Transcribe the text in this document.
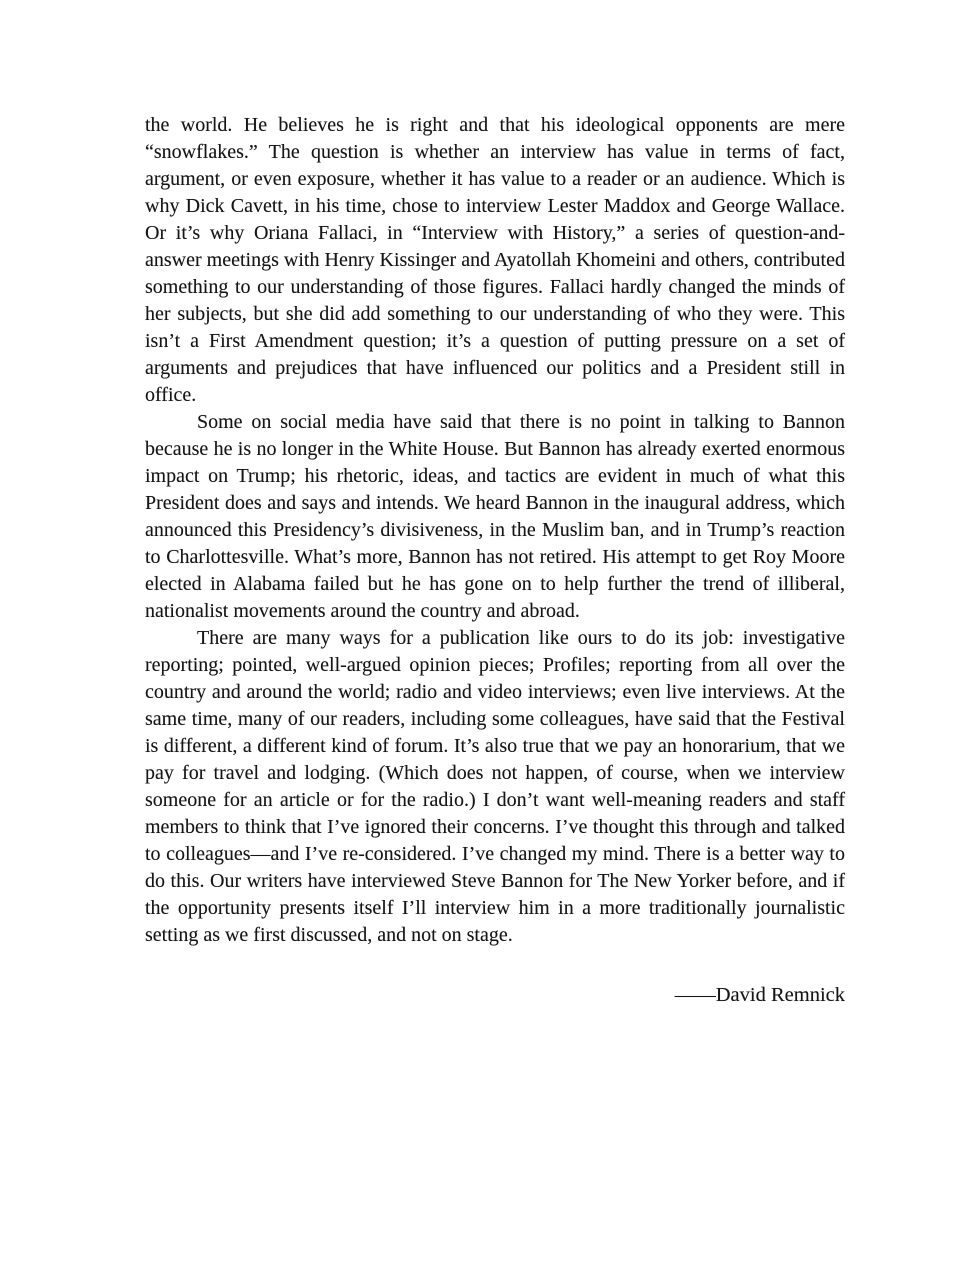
the world. He believes he is right and that his ideological opponents are mere “snowflakes.” The question is whether an interview has value in terms of fact, argument, or even exposure, whether it has value to a reader or an audience. Which is why Dick Cavett, in his time, chose to interview Lester Maddox and George Wallace. Or it’s why Oriana Fallaci, in “Interview with History,” a series of question-and-answer meetings with Henry Kissinger and Ayatollah Khomeini and others, contributed something to our understanding of those figures. Fallaci hardly changed the minds of her subjects, but she did add something to our understanding of who they were. This isn’t a First Amendment question; it’s a question of putting pressure on a set of arguments and prejudices that have influenced our politics and a President still in office.

Some on social media have said that there is no point in talking to Bannon because he is no longer in the White House. But Bannon has already exerted enormous impact on Trump; his rhetoric, ideas, and tactics are evident in much of what this President does and says and intends. We heard Bannon in the inaugural address, which announced this Presidency’s divisiveness, in the Muslim ban, and in Trump’s reaction to Charlottesville. What’s more, Bannon has not retired. His attempt to get Roy Moore elected in Alabama failed but he has gone on to help further the trend of illiberal, nationalist movements around the country and abroad.

There are many ways for a publication like ours to do its job: investigative reporting; pointed, well-argued opinion pieces; Profiles; reporting from all over the country and around the world; radio and video interviews; even live interviews. At the same time, many of our readers, including some colleagues, have said that the Festival is different, a different kind of forum. It’s also true that we pay an honorarium, that we pay for travel and lodging. (Which does not happen, of course, when we interview someone for an article or for the radio.) I don’t want well-meaning readers and staff members to think that I’ve ignored their concerns. I’ve thought this through and talked to colleagues—and I’ve re-considered. I’ve changed my mind. There is a better way to do this. Our writers have interviewed Steve Bannon for The New Yorker before, and if the opportunity presents itself I’ll interview him in a more traditionally journalistic setting as we first discussed, and not on stage.

——David Remnick
